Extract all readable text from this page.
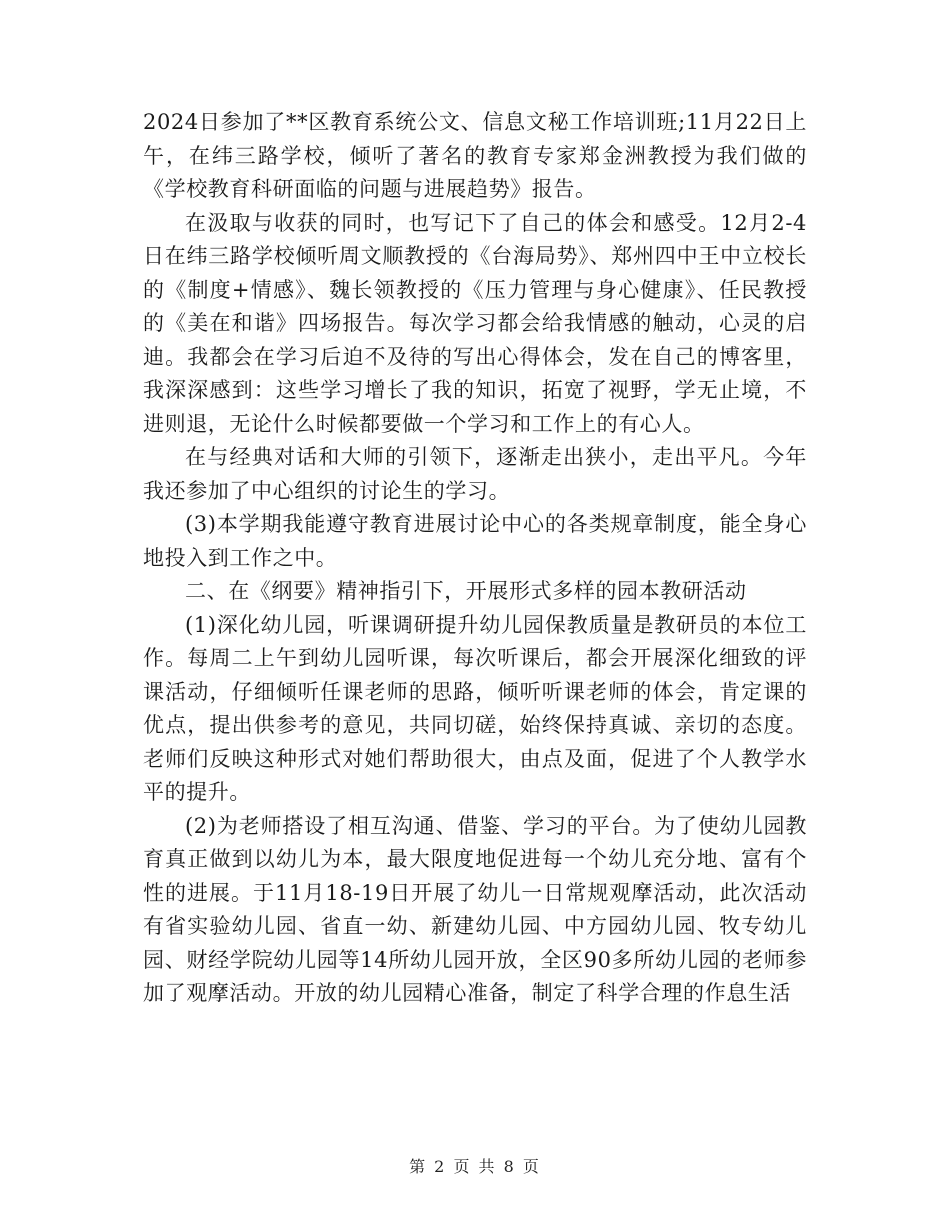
2024日参加了**区教育系统公文、信息文秘工作培训班;11月22日上午，在纬三路学校，倾听了著名的教育专家郑金洲教授为我们做的《学校教育科研面临的问题与进展趋势》报告。

在汲取与收获的同时，也写记下了自己的体会和感受。12月2-4日在纬三路学校倾听周文顺教授的《台海局势》、郑州四中王中立校长的《制度+情感》、魏长领教授的《压力管理与身心健康》、任民教授的《美在和谐》四场报告。每次学习都会给我情感的触动，心灵的启迪。我都会在学习后迫不及待的写出心得体会，发在自己的博客里，我深深感到：这些学习增长了我的知识，拓宽了视野，学无止境，不进则退，无论什么时候都要做一个学习和工作上的有心人。

在与经典对话和大师的引领下，逐渐走出狭小，走出平凡。今年我还参加了中心组织的讨论生的学习。

(3)本学期我能遵守教育进展讨论中心的各类规章制度，能全身心地投入到工作之中。

二、在《纲要》精神指引下，开展形式多样的园本教研活动

(1)深化幼儿园，听课调研提升幼儿园保教质量是教研员的本位工作。每周二上午到幼儿园听课，每次听课后，都会开展深化细致的评课活动，仔细倾听任课老师的思路，倾听听课老师的体会，肯定课的优点，提出供参考的意见，共同切磋，始终保持真诚、亲切的态度。老师们反映这种形式对她们帮助很大，由点及面，促进了个人教学水平的提升。

(2)为老师搭设了相互沟通、借鉴、学习的平台。为了使幼儿园教育真正做到以幼儿为本，最大限度地促进每一个幼儿充分地、富有个性的进展。于11月18-19日开展了幼儿一日常规观摩活动，此次活动有省实验幼儿园、省直一幼、新建幼儿园、中方园幼儿园、牧专幼儿园、财经学院幼儿园等14所幼儿园开放，全区90多所幼儿园的老师参加了观摩活动。开放的幼儿园精心准备，制定了科学合理的作息生活

第 2 页 共 8 页
